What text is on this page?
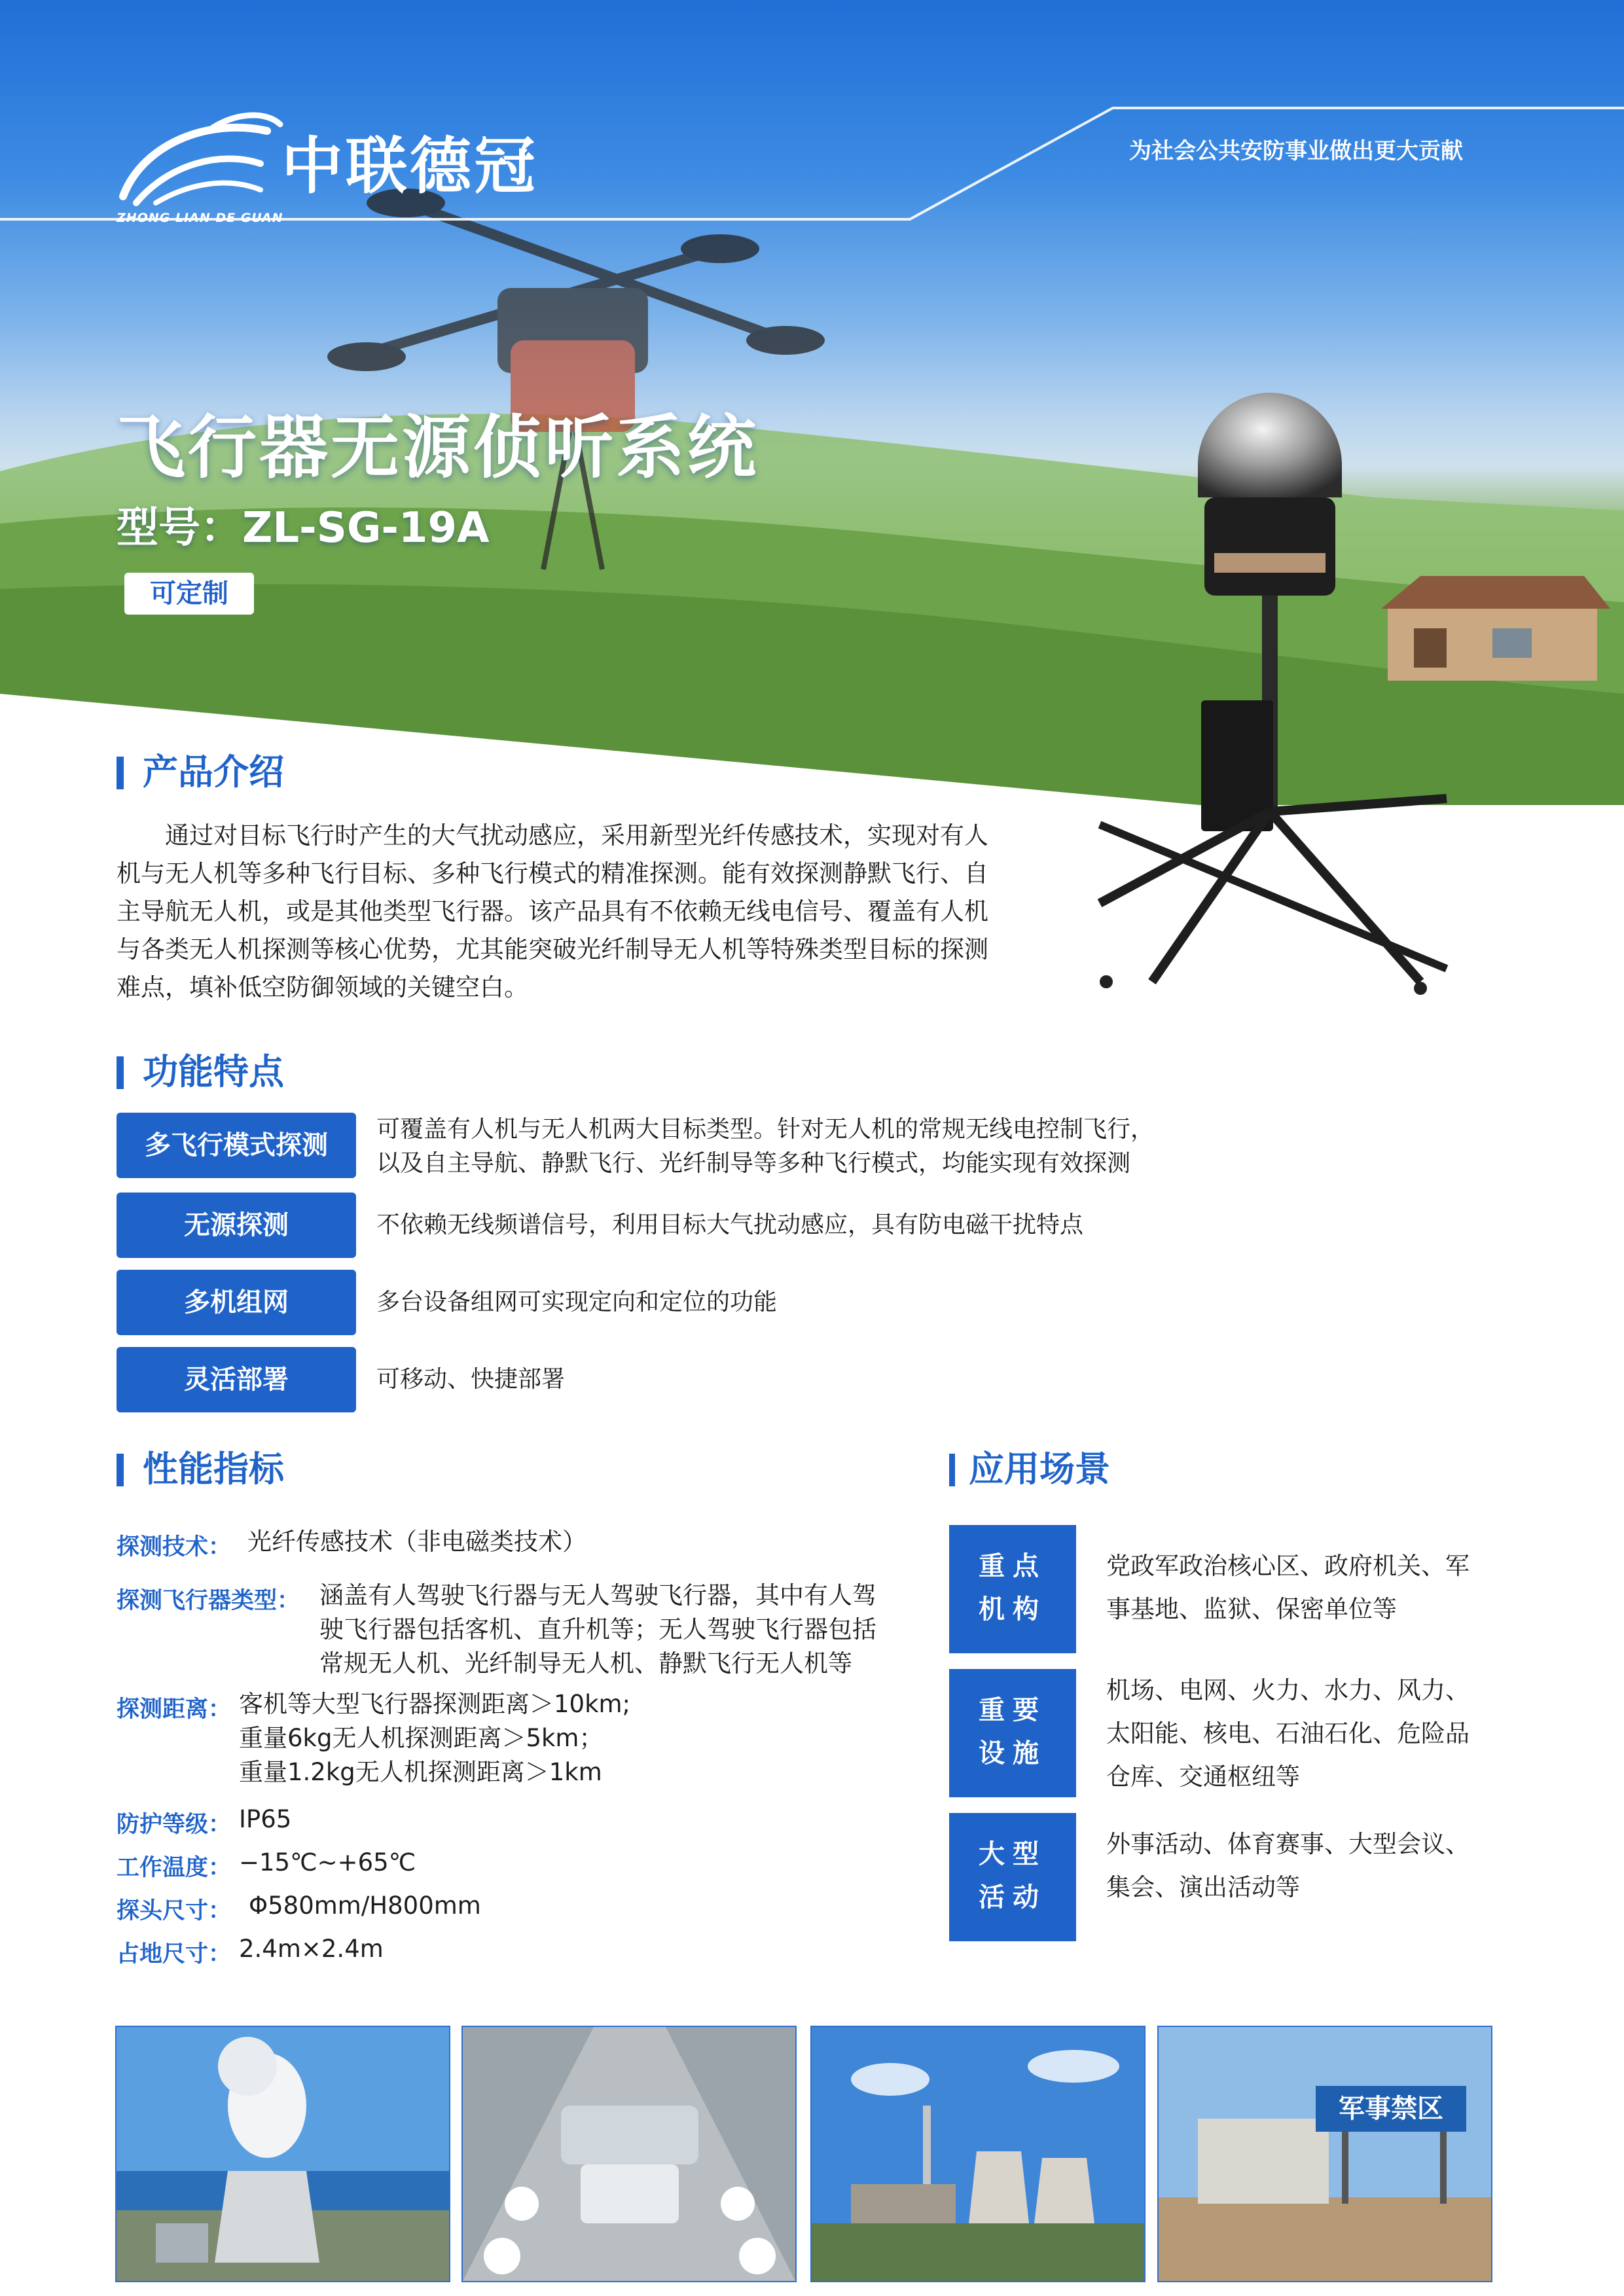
中联德冠
ZHONG LIAN DE GUAN
为社会公共安防事业做出更大贡献
飞行器无源侦听系统
型号：ZL-SG-19A
可定制
产品介绍
通过对目标飞行时产生的大气扰动感应，采用新型光纤传感技术，实现对有人机与无人机等多种飞行目标、多种飞行模式的精准探测。能有效探测静默飞行、自主导航无人机，或是其他类型飞行器。该产品具有不依赖无线电信号、覆盖有人机与各类无人机探测等核心优势，尤其能突破光纤制导无人机等特殊类型目标的探测难点，填补低空防御领域的关键空白。
功能特点
多飞行模式探测
可覆盖有人机与无人机两大目标类型。针对无人机的常规无线电控制飞行，
以及自主导航、静默飞行、光纤制导等多种飞行模式，均能实现有效探测
无源探测	不依赖无线频谱信号，利用目标大气扰动感应，具有防电磁干扰特点
多机组网	多台设备组网可实现定向和定位的功能
灵活部署	可移动、快捷部署
性能指标
探测技术： 光纤传感技术（非电磁类技术）
探测飞行器类型： 涵盖有人驾驶飞行器与无人驾驶飞行器，其中有人驾
驶飞行器包括客机、直升机等；无人驾驶飞行器包括
常规无人机、光纤制导无人机、静默飞行无人机等
探测距离： 客机等大型飞行器探测距离＞10km;
重量6kg无人机探测距离＞5km；
重量1.2kg无人机探测距离＞1km
防护等级： IP65
工作温度： −15℃~+65℃
探头尺寸： Φ580mm/H800mm
占地尺寸： 2.4m×2.4m
应用场景
重点
机构
党政军政治核心区、政府机关、军
事基地、监狱、保密单位等
重要
设施
机场、电网、火力、水力、风力、
太阳能、核电、石油石化、危险品
仓库、交通枢纽等
大型
活动
外事活动、体育赛事、大型会议、
集会、演出活动等
军事禁区
